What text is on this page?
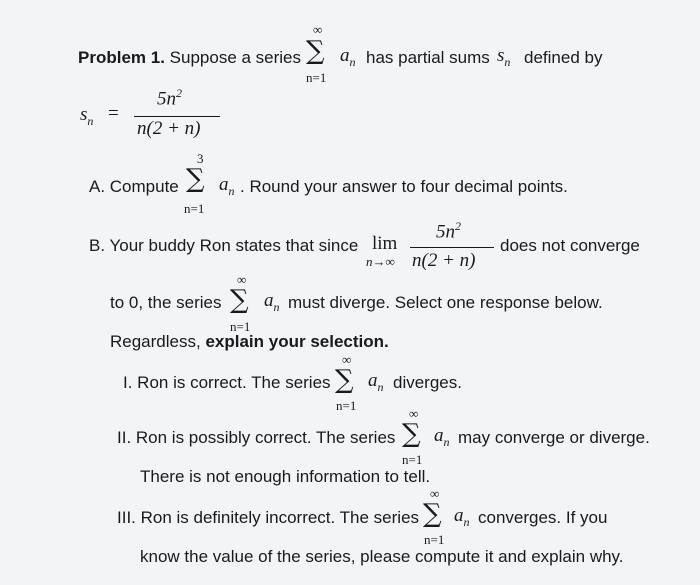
Problem 1. Suppose a series
∞
∑
n=1
$a_n$ has partial sums $s_n$ defined by
$s_n$ =
$5n^2$
n(2 + n)
3
∑
n=1
A. Compute $a_n$ . Round your answer to four decimal points.
B. Your buddy Ron states that since lim
n→∞
$5n^2$
n(2 + n)
does not converge
∞
∑
n=1
to 0, the series $a_n$ must diverge. Select one response below.
Regardless, explain your selection.
∞
∑
n=1
I. Ron is correct. The series $a_n$ diverges.
∞
∑
n=1
II. Ron is possibly correct. The series $a_n$ may converge or diverge.
There is not enough information to tell.
∞
∑
n=1
III. Ron is definitely incorrect. The series $a_n$ converges. If you
know the value of the series, please compute it and explain why.
